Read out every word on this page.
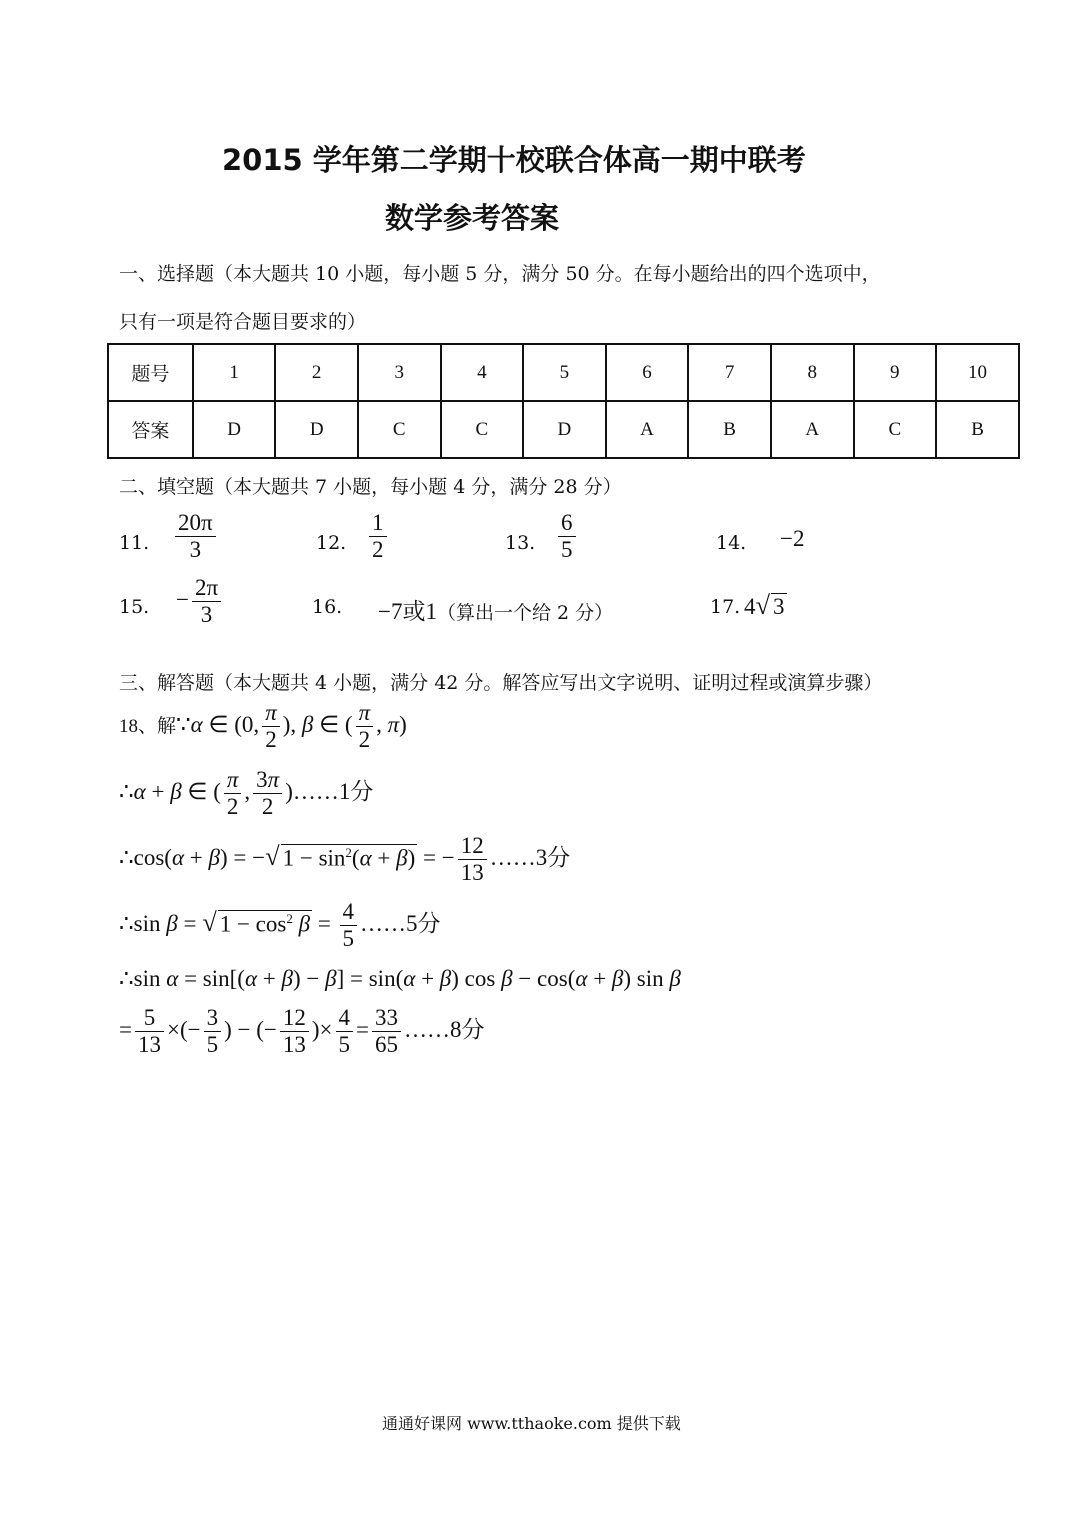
2015 学年第二学期十校联合体高一期中联考
数学参考答案
一、选择题（本大题共 10 小题，每小题 5 分，满分 50 分。在每小题给出的四个选项中，
只有一项是符合题目要求的）
题号	1	2	3	4	5	6	7	8	9	10
答案	D	D	C	C	D	A	B	A	C	B
二、填空题（本大题共 7 小题，每小题 4 分，满分 28 分）
11. $\frac{20\pi}{3}$	12. $\frac{1}{2}$	13. $\frac{6}{5}$	14. −2
15. − $\frac{2\pi}{3}$	16. −7或1（算出一个给 2 分）	17. 4√ 3
三、解答题（本大题共 4 小题，满分 42 分。解答应写出文字说明、证明过程或演算步骤）
18、解∵α ∈ (0, $\frac{\pi}{2}$ ), β ∈ ( $\frac{\pi}{2}$ , π)
∴α + β ∈ ( $\frac{\pi}{2}$ , $\frac{3\pi}{2}$ )……1分
∴cos(α + β) = −√ $1 - \sin^2(\alpha + \beta)$ = − $\frac{12}{13}$ ……3分
∴sin β = √ $1 - \cos^2 \beta = \frac{4}{5}$ ……5分
∴sin α = sin[(α + β) − β] = sin(α + β) cos β − cos(α + β) sin β
= $\frac{5}{13}$ ×(− $\frac{3}{5}$ ) − (− $\frac{12}{13}$ )× $\frac{4}{5} = \frac{33}{65}$ ……8分
通通好课网 www.tthaoke.com 提供下载
